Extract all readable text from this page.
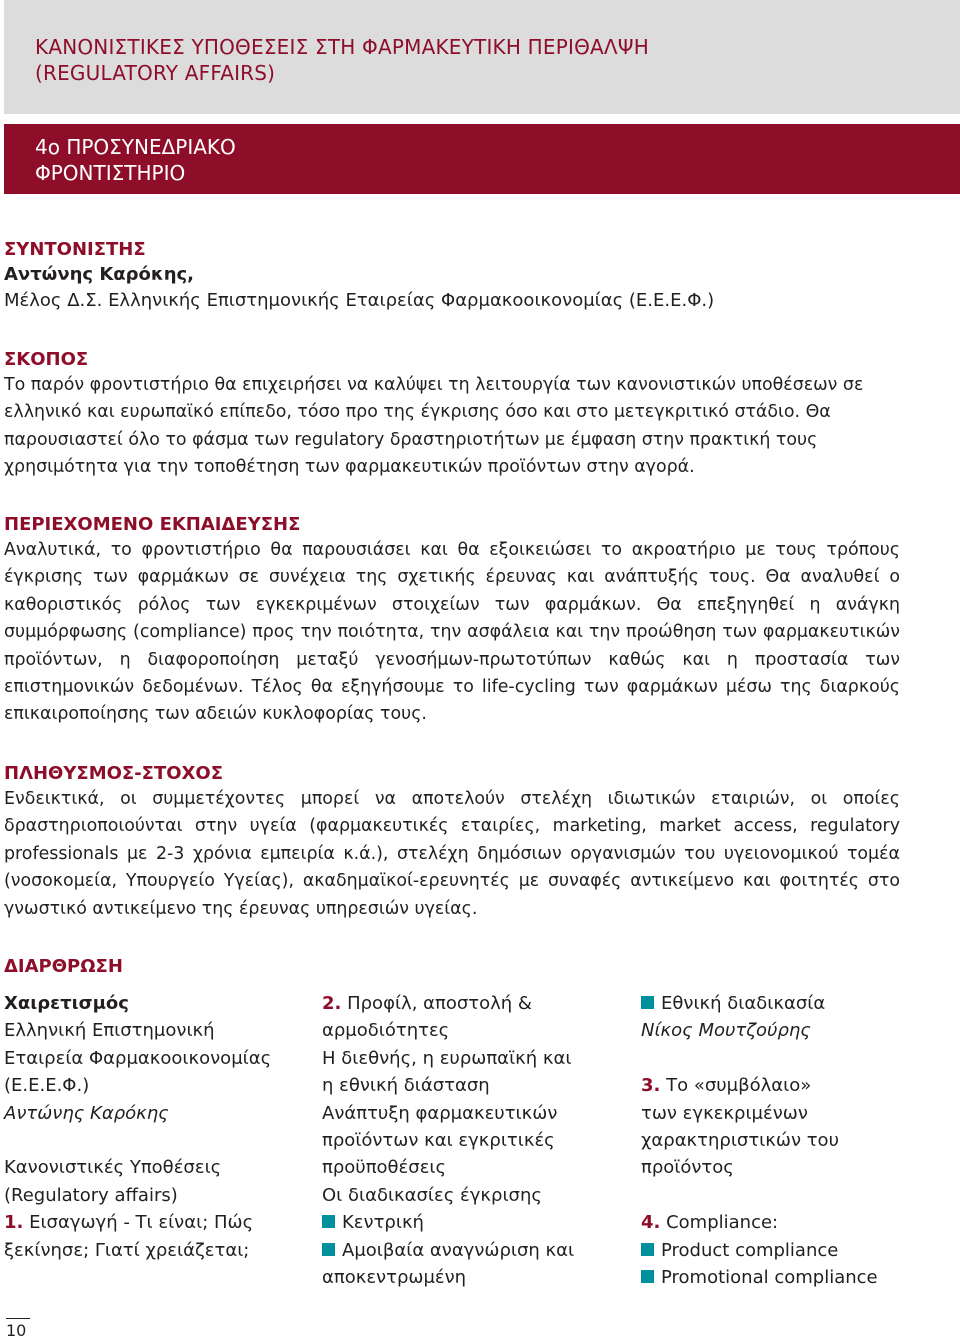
ΚΑΝΟΝΙΣΤΙΚΕΣ ΥΠΟΘΕΣΕΙΣ ΣΤΗ ΦΑΡΜΑΚΕΥΤΙΚΗ ΠΕΡΙΘΑΛΨΗ
(REGULATORY AFFAIRS)
4ο ΠΡΟΣΥΝΕΔΡΙΑΚΟ
ΦΡΟΝΤΙΣΤΗΡΙΟ

ΣΥΝΤΟΝΙΣΤΗΣ

Αντώνης Καρόκης,

Μέλος Δ.Σ. Ελληνικής Επιστημονικής Εταιρείας Φαρμακοοικονομίας (Ε.Ε.Ε.Φ.)

ΣΚΟΠΟΣ

Το παρόν φροντιστήριο θα επιχειρήσει να καλύψει τη λειτουργία των κανονιστικών υποθέσεων σε ελληνικό και ευρωπαϊκό επίπεδο, τόσο προ της έγκρισης όσο και στο μετεγκριτικό στάδιο. Θα παρουσιαστεί όλο το φάσμα των regulatory δραστηριοτήτων με έμφαση στην πρακτική τους χρησιμότητα για την τοποθέτηση των φαρμακευτικών προϊόντων στην αγορά.

ΠΕΡΙΕΧΟΜΕΝΟ ΕΚΠΑΙΔΕΥΣΗΣ

Αναλυτικά, το φροντιστήριο θα παρουσιάσει και θα εξοικειώσει το ακροατήριο με τους τρόπους έγκρισης των φαρμάκων σε συνέχεια της σχετικής έρευνας και ανάπτυξής τους. Θα αναλυθεί ο καθοριστικός ρόλος των εγκεκριμένων στοιχείων των φαρμάκων. Θα επεξηγηθεί η ανάγκη συμμόρφωσης (compliance) προς την ποιότητα, την ασφάλεια και την προώθηση των φαρμακευτικών προϊόντων, η διαφοροποίηση μεταξύ γενοσήμων-πρωτοτύπων καθώς και η προστασία των επιστημονικών δεδομένων. Τέλος θα εξηγήσουμε το life-cycling των φαρμάκων μέσω της διαρκούς επικαιροποίησης των αδειών κυκλοφορίας τους.

ΠΛΗΘΥΣΜΟΣ-ΣΤΟΧΟΣ

Ενδεικτικά, οι συμμετέχοντες μπορεί να αποτελούν στελέχη ιδιωτικών εταιριών, οι οποίες δραστηριοποιούνται στην υγεία (φαρμακευτικές εταιρίες, marketing, market access, regulatory professionals με 2-3 χρόνια εμπειρία κ.ά.), στελέχη δημόσιων οργανισμών του υγειονομικού τομέα (νοσοκομεία, Υπουργείο Υγείας), ακαδημαϊκοί-ερευνητές με συναφές αντικείμενο και φοιτητές στο γνωστικό αντικείμενο της έρευνας υπηρεσιών υγείας.

ΔΙΑΡΘΡΩΣΗ

Χαιρετισμός
Ελληνική Επιστημονική
Εταιρεία Φαρμακοοικονομίας
(Ε.Ε.Ε.Φ.)
Αντώνης Καρόκης
Κανονιστικές Υποθέσεις
(Regulatory affairs)
1. Εισαγωγή - Τι είναι; Πώς
ξεκίνησε; Γιατί χρειάζεται;
2. Προφίλ, αποστολή &
αρμοδιότητες
Η διεθνής, η ευρωπαϊκή και
η εθνική διάσταση
Ανάπτυξη φαρμακευτικών
προϊόντων και εγκριτικές
προϋποθέσεις
Οι διαδικασίες έγκρισης
Κεντρική
Αμοιβαία αναγνώριση και
αποκεντρωμένη
Εθνική διαδικασία
Νίκος Μουτζούρης
3. Το «συμβόλαιο»
των εγκεκριμένων
χαρακτηριστικών του
προϊόντος
4. Compliance:
Product compliance
Promotional compliance
10
